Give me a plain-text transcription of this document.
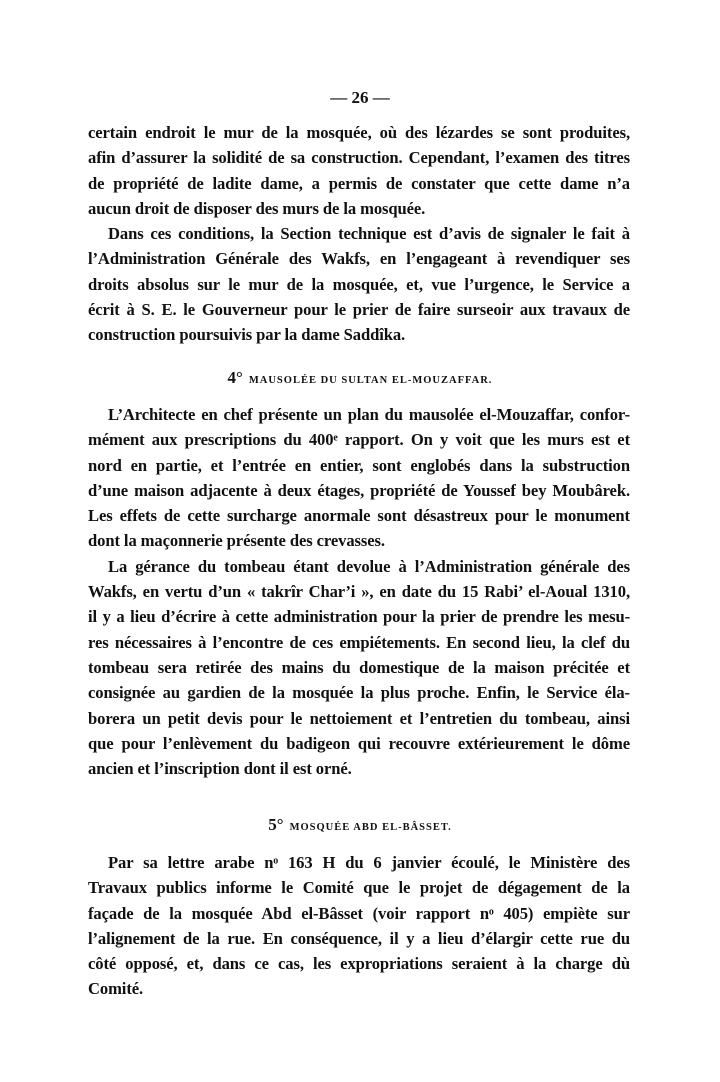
— 26 —
certain endroit le mur de la mosquée, où des lézardes se sont produites,
afin d’assurer la solidité de sa construction. Cependant, l’examen des titres
de propriété de ladite dame, a permis de constater que cette dame n’a
aucun droit de disposer des murs de la mosquée.
Dans ces conditions, la Section technique est d’avis de signaler le fait à
l’Administration Générale des Wakfs, en l’engageant à revendiquer ses
droits absolus sur le mur de la mosquée, et, vue l’urgence, le Service a
écrit à S. E. le Gouverneur pour le prier de faire surseoir aux travaux de
construction poursuivis par la dame Saddîka.
4° MAUSOLÉE DU SULTAN EL-MOUZAFFAR.
L’Architecte en chef présente un plan du mausolée el-Mouzaffar, confor-
mément aux prescriptions du 400ᵉ rapport. On y voit que les murs est et
nord en partie, et l’entrée en entier, sont englobés dans la substruction
d’une maison adjacente à deux étages, propriété de Youssef bey Moubârek.
Les effets de cette surcharge anormale sont désastreux pour le monument
dont la maçonnerie présente des crevasses.
La gérance du tombeau étant devolue à l’Administration générale des
Wakfs, en vertu d’un « takrîr Char’i », en date du 15 Rabi’ el-Aoual 1310,
il y a lieu d’écrire à cette administration pour la prier de prendre les mesu-
res nécessaires à l’encontre de ces empiétements. En second lieu, la clef du
tombeau sera retirée des mains du domestique de la maison précitée et
consignée au gardien de la mosquée la plus proche. Enfin, le Service éla-
borera un petit devis pour le nettoiement et l’entretien du tombeau, ainsi
que pour l’enlèvement du badigeon qui recouvre extérieurement le dôme
ancien et l’inscription dont il est orné.
5° MOSQUÉE ABD EL-BÂSSET.
Par sa lettre arabe nᵒ 163 H du 6 janvier écoulé, le Ministère des
Travaux publics informe le Comité que le projet de dégagement de la
façade de la mosquée Abd el-Bâsset (voir rapport nᵒ 405) empiète sur
l’alignement de la rue. En conséquence, il y a lieu d’élargir cette rue du
côté opposé, et, dans ce cas, les expropriations seraient à la charge dù
Comité.
